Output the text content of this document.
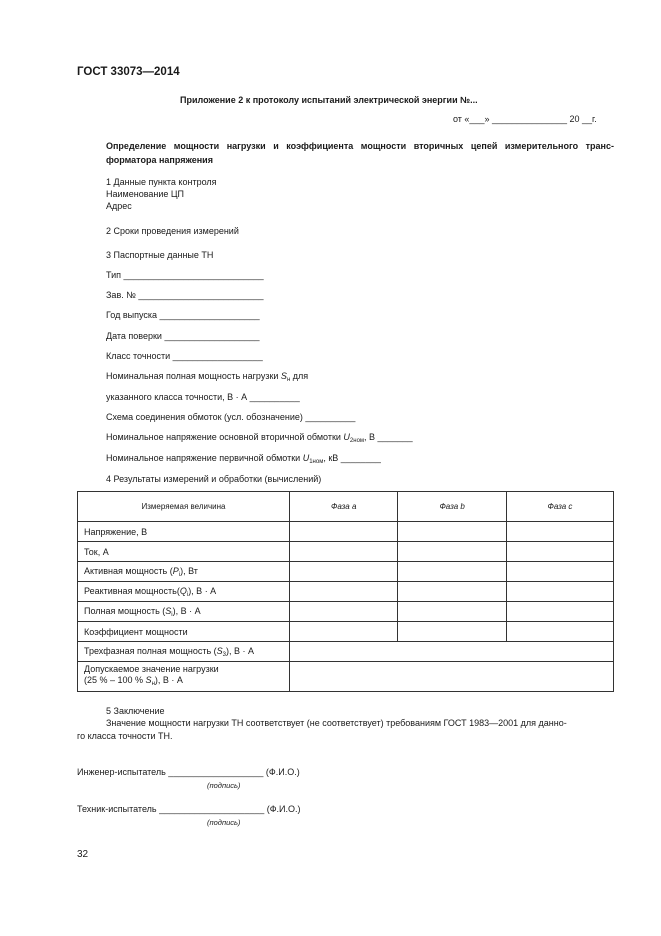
ГОСТ 33073—2014
Приложение 2 к протоколу испытаний электрической энергии №...
от «___» _______________ 20 __г.
Определение мощности нагрузки и коэффициента мощности вторичных цепей измерительного транс-форматора напряжения
1 Данные пункта контроля
Наименование ЦП
Адрес
2 Сроки проведения измерений
3 Паспортные данные ТН
Тип ____________________________
Зав. № _________________________
Год выпуска ____________________
Дата поверки ___________________
Класс точности __________________
Номинальная полная мощность нагрузки $S_н$ для
указанного класса точности, В · А __________
Схема соединения обмоток (усл. обозначение) __________
Номинальное напряжение основной вторичной обмотки $U_{2ном}$, В _______
Номинальное напряжение первичной обмотки $U_{1ном}$, кВ ________
4 Результаты измерений и обработки (вычислений)
Измеряемая величина	Фаза a	Фаза b	Фаза c
Напряжение, В			
Ток, А			
Активная мощность $(P_i)$, Вт			
Реактивная $мощность(Q_i)$, В · А			
Полная мощность $(S_i)$, В · А			
Коэффициент мощности			
Трехфазная полная мощность $(S_3)$, В · А			
Допускаемое значение нагрузки
(25 % – 100 % $S_н$), В · А			
5 Заключение
Значение мощности нагрузки ТН соответствует (не соответствует) требованиям ГОСТ 1983—2001 для данно-
го класса точности ТН.
Инженер-испытатель ___________________ (Ф.И.О.)
(подпись)
Техник-испытатель _____________________ (Ф.И.О.)
(подпись)
32
